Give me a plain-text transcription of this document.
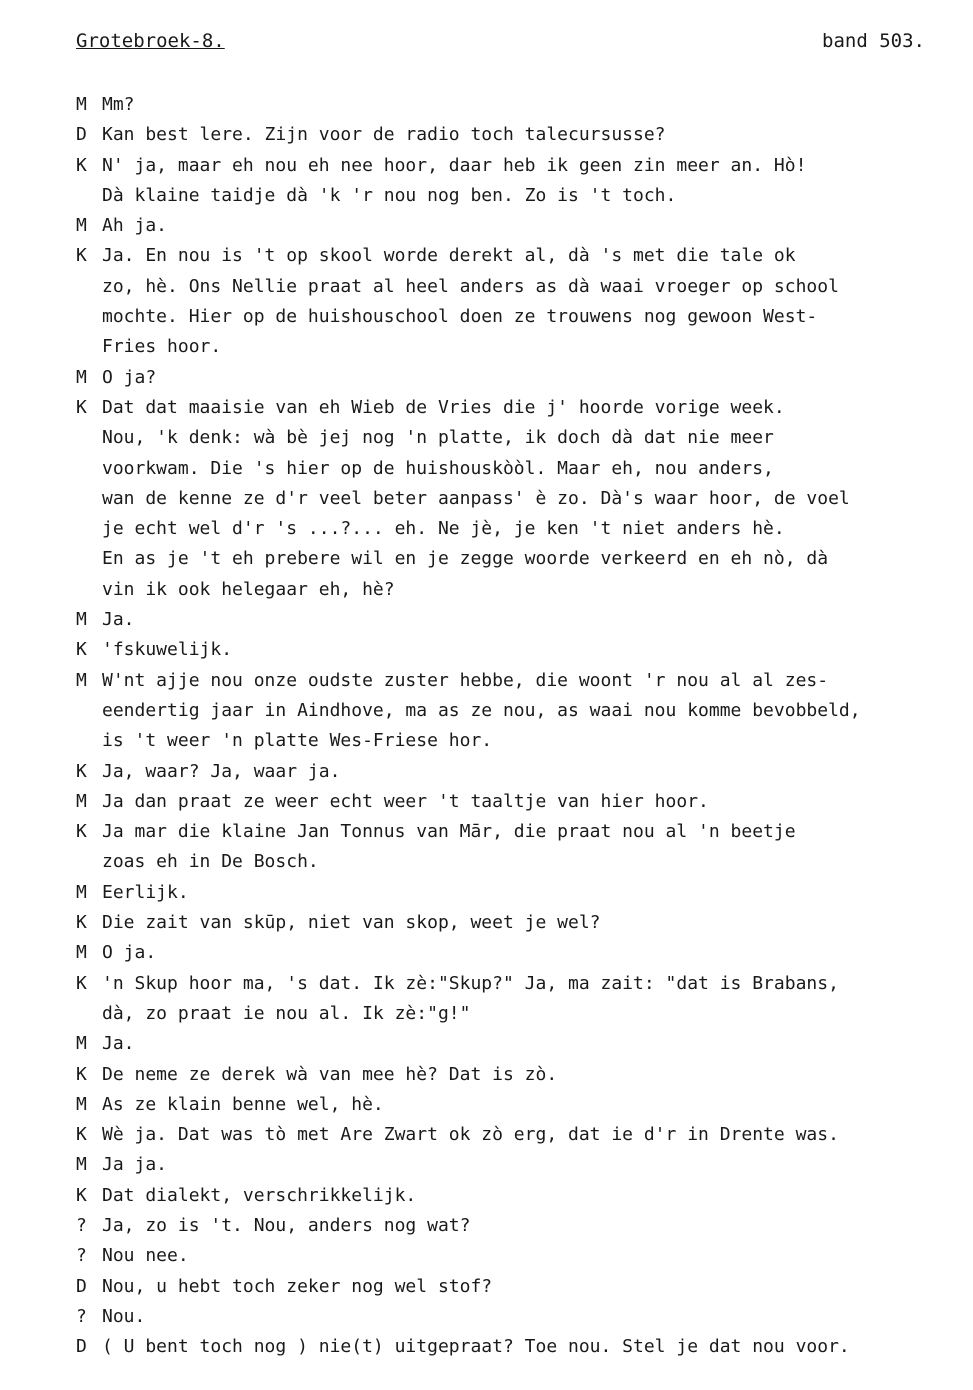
Grotebroek-8.	band 503.
M Mm?
D Kan best lere. Zijn voor de radio toch talecursusse?
K N' ja, maar eh nou eh nee hoor, daar heb ik geen zin meer an. Hò!
Dà klaine taidje dà 'k 'r nou nog ben. Zo is 't toch.
M Ah ja.
K Ja. En nou is 't op skool worde derekt al, dà 's met die tale ok
zo, hè. Ons Nellie praat al heel anders as dà waai vroeger op school
mochte. Hier op de huishouschool doen ze trouwens nog gewoon West-
Fries hoor.
M O ja?
K Dat dat maaisie van eh Wieb de Vries die j' hoorde vorige week.
Nou, 'k denk: wà bè jej nog 'n platte, ik doch dà dat nie meer
voorkwam. Die 's hier op de huishouskòòl. Maar eh, nou anders,
wan de kenne ze d'r veel beter aanpass' è zo. Dà's waar hoor, de voel
je echt wel d'r 's ...?... eh. Ne jè, je ken 't niet anders hè.
En as je 't eh prebere wil en je zegge woorde verkeerd en eh nò, dà
vin ik ook helegaar eh, hè?
M Ja.
K 'fskuwelijk.
M W'nt ajje nou onze oudste zuster hebbe, die woont 'r nou al al zes-
eendertig jaar in Aindhove, ma as ze nou, as waai nou komme bevobbeld,
is 't weer 'n platte Wes-Friese hor.
K Ja, waar? Ja, waar ja.
M Ja dan praat ze weer echt weer 't taaltje van hier hoor.
K Ja mar die klaine Jan Tonnus van Mār, die praat nou al 'n beetje
zoas eh in De Bosch.
M Eerlijk.
K Die zait van skūp, niet van skop, weet je wel?
M O ja.
K 'n Skup hoor ma, 's dat. Ik zè:"Skup?" Ja, ma zait: "dat is Brabans,
dà, zo praat ie nou al. Ik zè:"g!"
M Ja.
K De neme ze derek wà van mee hè? Dat is zò.
M As ze klain benne wel, hè.
K Wè ja. Dat was tò met Are Zwart ok zò erg, dat ie d'r in Drente was.
M Ja ja.
K Dat dialekt, verschrikkelijk.
? Ja, zo is 't. Nou, anders nog wat?
? Nou nee.
D Nou, u hebt toch zeker nog wel stof?
? Nou.
D ( U bent toch nog ) nie(t) uitgepraat? Toe nou. Stel je dat nou voor.
